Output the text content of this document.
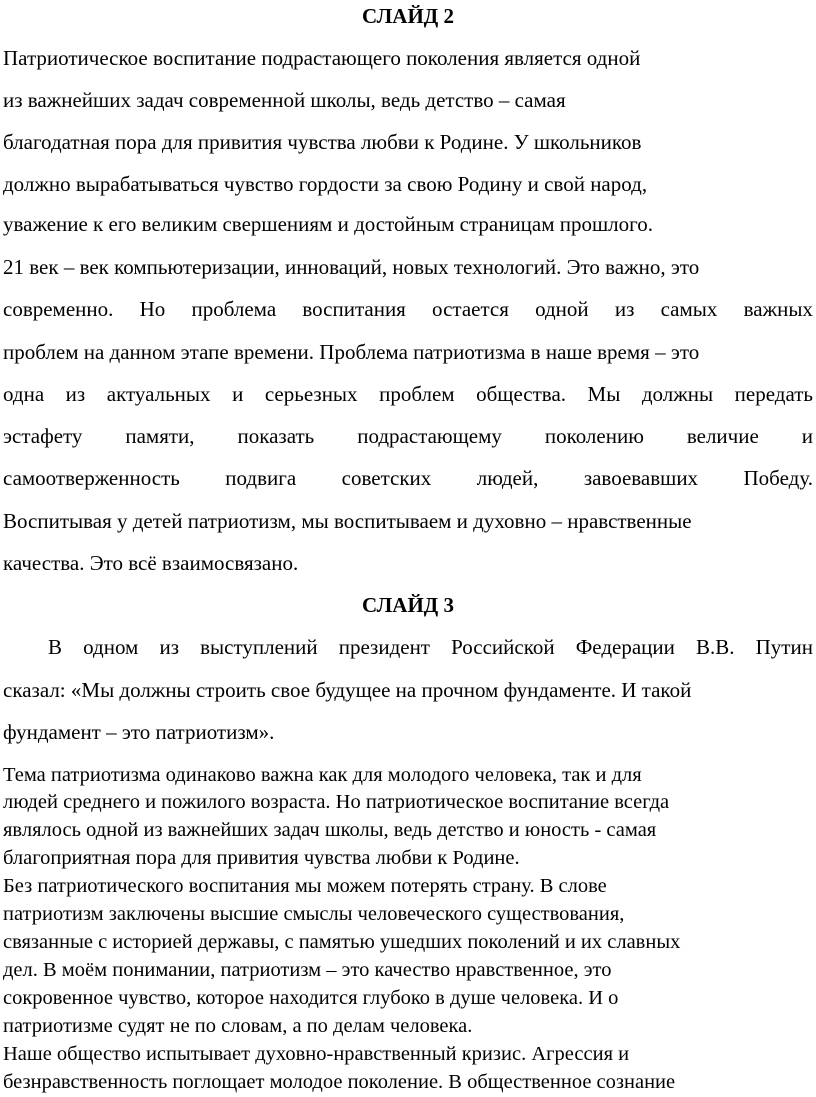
СЛАЙД 2
Патриотическое воспитание подрастающего поколения является одной
из важнейших задач современной школы, ведь детство – самая
благодатная пора для привития чувства любви к Родине. У школьников
должно вырабатываться чувство гордости за свою Родину и свой народ,
уважение к его великим свершениям и достойным страницам прошлого.
21 век – век компьютеризации, инноваций, новых технологий. Это важно, это
современно. Но проблема воспитания остается одной из самых важных
проблем на данном этапе времени. Проблема патриотизма в наше время – это
одна из актуальных и серьезных проблем общества. Мы должны передать
эстафету памяти, показать подрастающему поколению величие и
самоотверженность подвига советских людей, завоевавших Победу.
Воспитывая у детей патриотизм, мы воспитываем и духовно – нравственные
качества. Это всё взаимосвязано.
СЛАЙД 3
В одном из выступлений президент Российской Федерации В.В. Путин
сказал: «Мы должны строить свое будущее на прочном фундаменте. И такой
фундамент – это патриотизм».
Тема патриотизма одинаково важна как для молодого человека, так и для
людей среднего и пожилого возраста. Но патриотическое воспитание всегда
являлось одной из важнейших задач школы, ведь детство и юность - самая
благоприятная пора для привития чувства любви к Родине.
Без патриотического воспитания мы можем потерять страну. В слове
патриотизм заключены высшие смыслы человеческого существования,
связанные с историей державы, с памятью ушедших поколений и их славных
дел. В моём понимании, патриотизм – это качество нравственное, это
сокровенное чувство, которое находится глубоко в душе человека. И о
патриотизме судят не по словам, а по делам человека.
Наше общество испытывает духовно-нравственный кризис. Агрессия и
безнравственность поглощает молодое поколение. В общественное сознание
